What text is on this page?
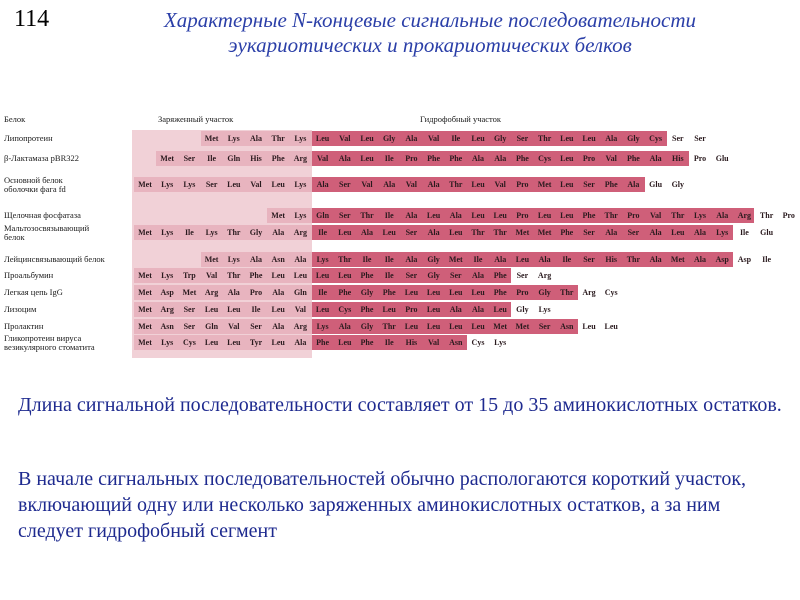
114	Характерные N-концевые сигнальные последовательности
эукариотических и прокариотических белков
Белок	Заряженный участок	Гидрофобный участок
Липопротеин	Met	Lys	Ala	Thr	Lys	Leu	Val	Leu	Gly	Ala	Val	Ile	Leu	Gly	Ser	Thr	Leu	Leu	Ala	Gly	Cys	Ser	Ser
β-Лактамаза pBR322	Met	Ser	Ile	Gln	His	Phe	Arg	Val	Ala	Leu	Ile	Pro	Phe	Phe	Ala	Ala	Phe	Cys	Leu	Pro	Val	Phe	Ala	His	Pro	Glu
Основной белок
оболочки фага fd	Met	Lys	Lys	Ser	Leu	Val	Leu	Lys	Ala	Ser	Val	Ala	Val	Ala	Thr	Leu	Val	Pro	Met	Leu	Ser	Phe	Ala	Glu	Gly
Щелочная фосфатаза	Met	Lys	Gln	Ser	Thr	Ile	Ala	Leu	Ala	Leu	Leu	Pro	Leu	Leu	Phe	Thr	Pro	Val	Thr	Lys	Ala	Arg	Thr	Pro
Мальтозосвязывающий
белок	Met	Lys	Ile	Lys	Thr	Gly	Ala	Arg	Ile	Leu	Ala	Leu	Ser	Ala	Leu	Thr	Thr	Met	Met	Phe	Ser	Ala	Ser	Ala	Leu	Ala	Lys	Ile	Glu
Лейцинсвязывающий белок	Met	Lys	Ala	Asn	Ala	Lys	Thr	Ile	Ile	Ala	Gly	Met	Ile	Ala	Leu	Ala	Ile	Ser	His	Thr	Ala	Met	Ala	Asp	Asp	Ile
Проальбумин	Met	Lys	Trp	Val	Thr	Phe	Leu	Leu	Leu	Leu	Phe	Ile	Ser	Gly	Ser	Ala	Phe	Ser	Arg
Легкая цепь IgG	Met	Asp	Met	Arg	Ala	Pro	Ala	Gln	Ile	Phe	Gly	Phe	Leu	Leu	Leu	Leu	Phe	Pro	Gly	Thr	Arg	Cys
Лизоцим	Met	Arg	Ser	Leu	Leu	Ile	Leu	Val	Leu	Cys	Phe	Leu	Pro	Leu	Ala	Ala	Leu	Gly	Lys
Пролактин	Met	Asn	Ser	Gln	Val	Ser	Ala	Arg	Lys	Ala	Gly	Thr	Leu	Leu	Leu	Leu	Met	Met	Ser	Asn	Leu	Leu
Гликопротеин вируса
везикулярного стоматита	Met	Lys	Cys	Leu	Leu	Tyr	Leu	Ala	Phe	Leu	Phe	Ile	His	Val	Asn	Cys	Lys
Длина сигнальной последовательности составляет от 15 до 35 аминокислотных остатков.
В начале сигнальных последовательностей обычно распологаются короткий участок, включающий одну или несколько заряженных аминокислотных остатков, а за ним следует гидрофобный сегмент
